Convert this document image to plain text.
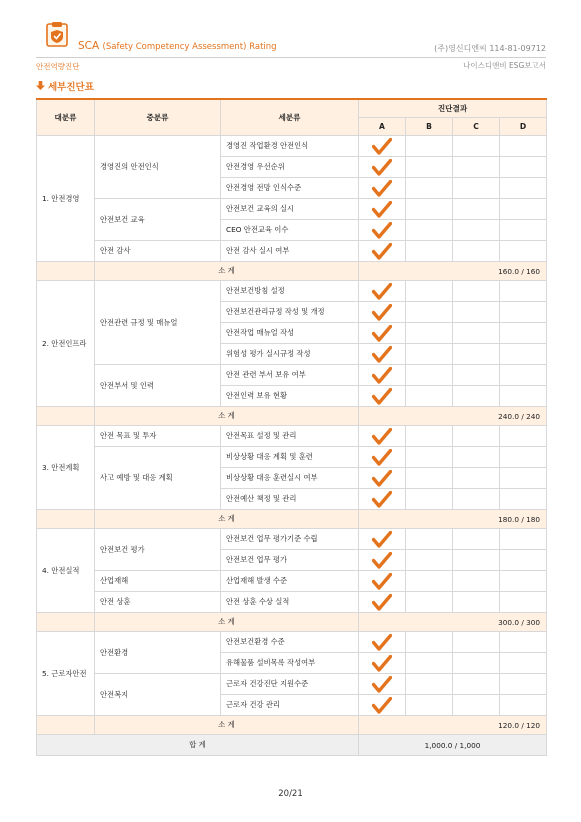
SCA (Safety Competency Assessment) Rating	(주)영신디엔씨 114-81-09712
안전역량진단	나이스디앤비 ESG보고서
세부진단표
대분류	중분류	세분류	진단결과			
			A	B	C	D
1. 안전경영	경영진의 안전인식	경영진 작업환경 안전인식	

		안전경영 우선순위	

		안전경영 전망 인식수준	

	안전보건 교육	안전보건 교육의 실시	

		CEO 안전교육 이수	

	안전 감사	안전 감사 실시 여부	

	소 계		160.0 / 160			
2. 안전인프라	안전관련 규정 및 매뉴얼	안전보건방침 설정	

		안전보건관리규정 작성 및 개정	

		안전작업 매뉴얼 작성	

		위험성 평가 실시규정 작성	

	안전부서 및 인력	안전 관련 부서 보유 여부	

		안전인력 보유 현황	

	소 계		240.0 / 240			
3. 안전계획	안전 목표 및 투자	안전목표 설정 및 관리	

	사고 예방 및 대응 계획	비상상황 대응 계획 및 훈련	

		비상상황 대응 훈련실시 여부	

		안전예산 책정 및 관리	

	소 계		180.0 / 180			
4. 안전실적	안전보건 평가	안전보건 업무 평가기준 수립	

		안전보건 업무 평가	

	산업재해	산업재해 발생 수준	

	안전 상훈	안전 상훈 수상 실적	

	소 계		300.0 / 300			
5. 근로자안전	안전환경	안전보건환경 수준	

		유해물품 설비목록 작성여부	

	안전복지	근로자 건강진단 지원수준	

		근로자 건강 관리	

	소 계		120.0 / 120			
합 계			1,000.0 / 1,000			
20/21
